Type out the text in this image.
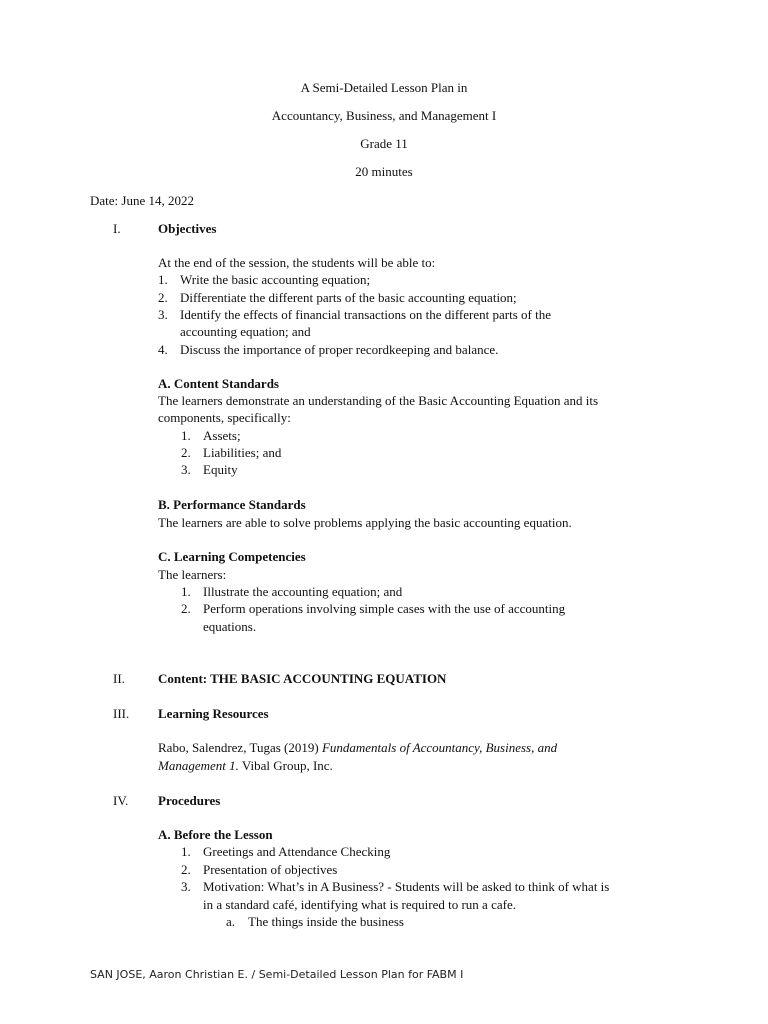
A Semi-Detailed Lesson Plan in
Accountancy, Business, and Management I
Grade 11
20 minutes
Date: June 14, 2022
I.	Objectives
At the end of the session, the students will be able to:
1. Write the basic accounting equation;
2. Differentiate the different parts of the basic accounting equation;
3. Identify the effects of financial transactions on the different parts of the
accounting equation; and
4. Discuss the importance of proper recordkeeping and balance.
A. Content Standards
The learners demonstrate an understanding of the Basic Accounting Equation and its
components, specifically:
1. Assets;
2. Liabilities; and
3. Equity
B. Performance Standards
The learners are able to solve problems applying the basic accounting equation.
C. Learning Competencies
The learners:
1. Illustrate the accounting equation; and
2. Perform operations involving simple cases with the use of accounting
equations.
II.	Content: THE BASIC ACCOUNTING EQUATION
III. Learning Resources
Rabo, Salendrez, Tugas (2019) Fundamentals of Accountancy, Business, and
Management 1. Vibal Group, Inc.
IV. Procedures
A. Before the Lesson
1. Greetings and Attendance Checking
2. Presentation of objectives
3. Motivation: What’s in A Business? - Students will be asked to think of what is
in a standard café, identifying what is required to run a cafe.
a. The things inside the business
SAN JOSE, Aaron Christian E. / Semi-Detailed Lesson Plan for FABM I
